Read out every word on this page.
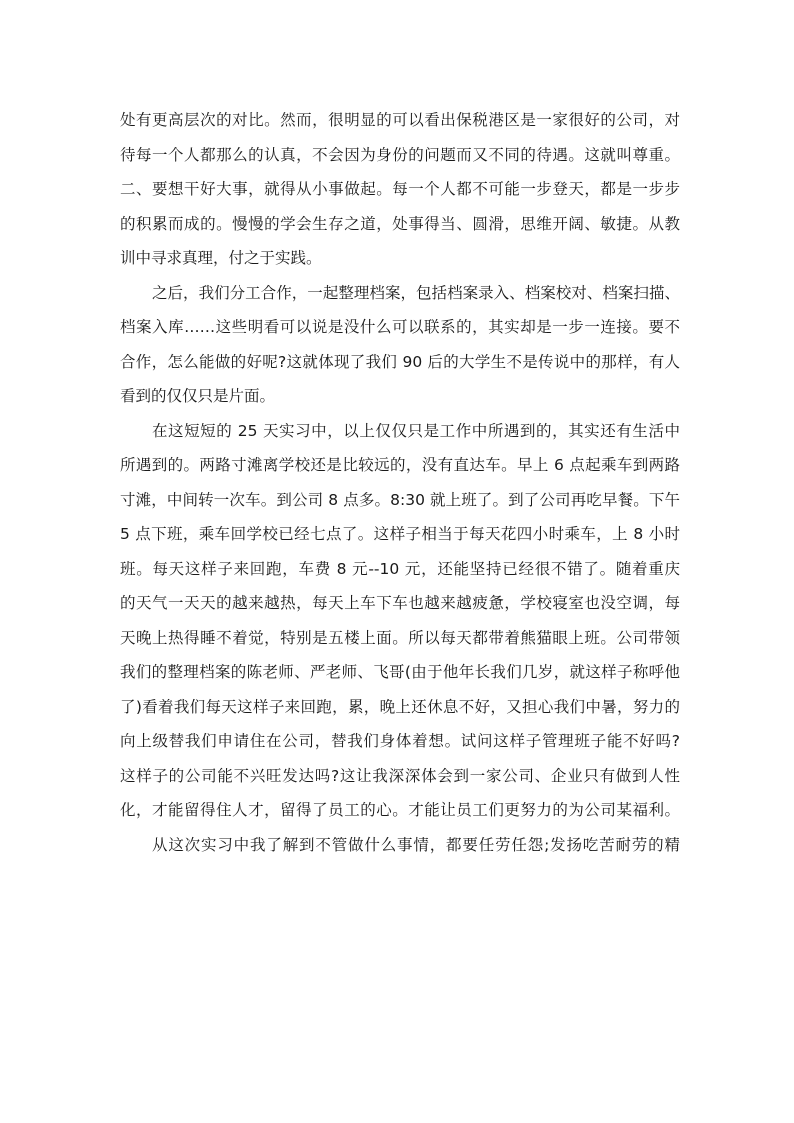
处有更高层次的对比。然而，很明显的可以看出保税港区是一家很好的公司，对
待每一个人都那么的认真，不会因为身份的问题而又不同的待遇。这就叫尊重。
二、要想干好大事，就得从小事做起。每一个人都不可能一步登天，都是一步步
的积累而成的。慢慢的学会生存之道，处事得当、圆滑，思维开阔、敏捷。从教
训中寻求真理，付之于实践。
之后，我们分工合作，一起整理档案，包括档案录入、档案校对、档案扫描、
档案入库……这些明看可以说是没什么可以联系的，其实却是一步一连接。要不
合作，怎么能做的好呢?这就体现了我们 90 后的大学生不是传说中的那样，有人
看到的仅仅只是片面。
在这短短的 25 天实习中，以上仅仅只是工作中所遇到的，其实还有生活中
所遇到的。两路寸滩离学校还是比较远的，没有直达车。早上 6 点起乘车到两路
寸滩，中间转一次车。到公司 8 点多。8:30 就上班了。到了公司再吃早餐。下午
5 点下班，乘车回学校已经七点了。这样子相当于每天花四小时乘车，上 8 小时
班。每天这样子来回跑，车费 8 元--10 元，还能坚持已经很不错了。随着重庆
的天气一天天的越来越热，每天上车下车也越来越疲惫，学校寝室也没空调，每
天晚上热得睡不着觉，特别是五楼上面。所以每天都带着熊猫眼上班。公司带领
我们的整理档案的陈老师、严老师、飞哥(由于他年长我们几岁，就这样子称呼他
了)看着我们每天这样子来回跑，累，晚上还休息不好，又担心我们中暑，努力的
向上级替我们申请住在公司，替我们身体着想。试问这样子管理班子能不好吗?
这样子的公司能不兴旺发达吗?这让我深深体会到一家公司、企业只有做到人性
化，才能留得住人才，留得了员工的心。才能让员工们更努力的为公司某福利。
从这次实习中我了解到不管做什么事情，都要任劳任怨;发扬吃苦耐劳的精
